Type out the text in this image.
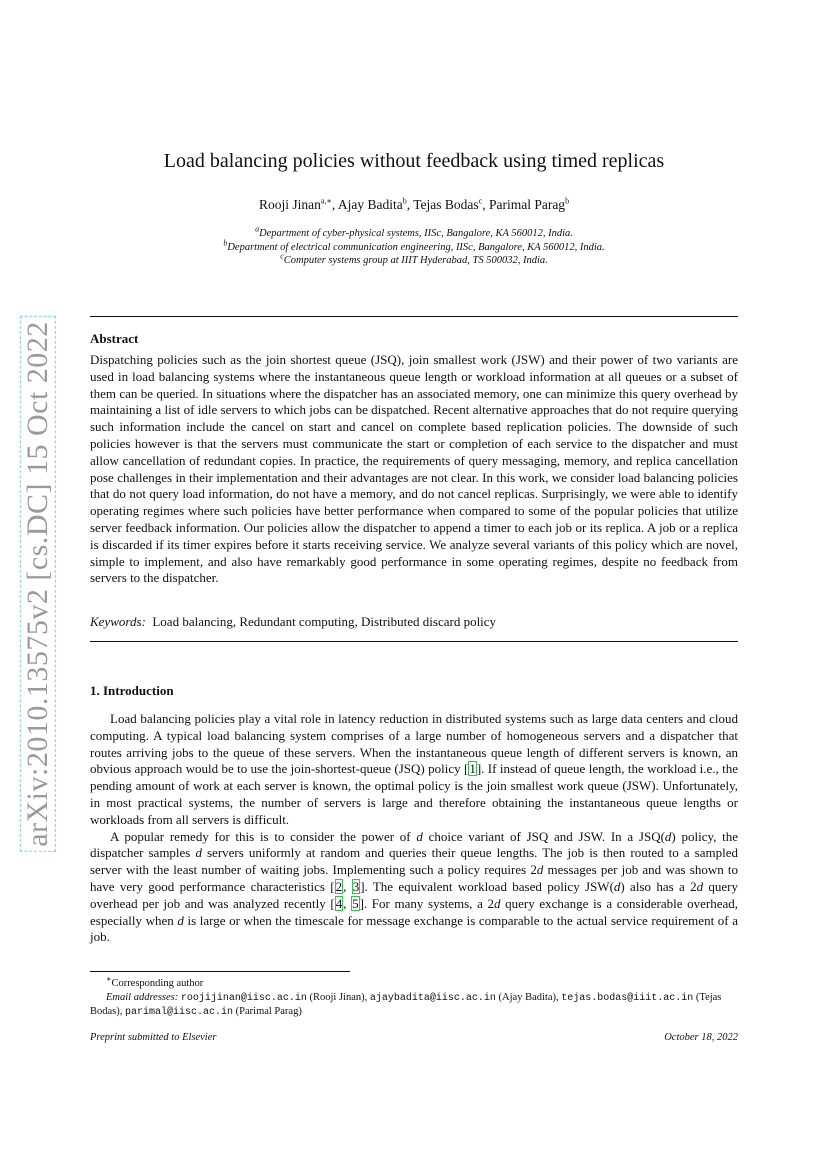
arXiv:2010.13575v2 [cs.DC] 15 Oct 2022
Load balancing policies without feedback using timed replicas
Rooji Jinan$^{a,∗}$, Ajay Badita$^b$, Tejas Bodas$^c$, Parimal Parag$^b$
$^a$Department of cyber-physical systems, IISc, Bangalore, KA 560012, India.
$^b$Department of electrical communication engineering, IISc, Bangalore, KA 560012, India.
$^c$Computer systems group at IIIT Hyderabad, TS 500032, India.
Abstract
Dispatching policies such as the join shortest queue (JSQ), join smallest work (JSW) and their power of two variants are used in load balancing systems where the instantaneous queue length or workload information at all queues or a subset of them can be queried. In situations where the dispatcher has an associated memory, one can minimize this query overhead by maintaining a list of idle servers to which jobs can be dispatched. Recent alternative approaches that do not require querying such information include the cancel on start and cancel on complete based replication policies. The downside of such policies however is that the servers must communicate the start or completion of each service to the dispatcher and must allow cancellation of redundant copies. In practice, the requirements of query messaging, memory, and replica cancellation pose challenges in their implementation and their advantages are not clear. In this work, we consider load balancing policies that do not query load information, do not have a memory, and do not cancel replicas. Surprisingly, we were able to identify operating regimes where such policies have better performance when compared to some of the popular policies that utilize server feedback information. Our policies allow the dispatcher to append a timer to each job or its replica. A job or a replica is discarded if its timer expires before it starts receiving service. We analyze several variants of this policy which are novel, simple to implement, and also have remarkably good performance in some operating regimes, despite no feedback from servers to the dispatcher.
Keywords: Load balancing, Redundant computing, Distributed discard policy
1. Introduction

Load balancing policies play a vital role in latency reduction in distributed systems such as large data centers and cloud computing. A typical load balancing system comprises of a large number of homogeneous servers and a dispatcher that routes arriving jobs to the queue of these servers. When the instantaneous queue length of different servers is known, an obvious approach would be to use the join-shortest-queue (JSQ) policy [1]. If instead of queue length, the workload i.e., the pending amount of work at each server is known, the optimal policy is the join smallest work queue (JSW). Unfortunately, in most practical systems, the number of servers is large and therefore obtaining the instantaneous queue lengths or workloads from all servers is difficult.

A popular remedy for this is to consider the power of d choice variant of JSQ and JSW. In a JSQ(d) policy, the dispatcher samples d servers uniformly at random and queries their queue lengths. The job is then routed to a sampled server with the least number of waiting jobs. Implementing such a policy requires 2d messages per job and was shown to have very good performance characteristics [2, 3]. The equivalent workload based policy JSW(d) also has a 2d query overhead per job and was analyzed recently [4, 5]. For many systems, a 2d query exchange is a considerable overhead, especially when d is large or when the timescale for message exchange is comparable to the actual service requirement of a job.

∗Corresponding author
Email addresses: roojijinan@iisc.ac.in (Rooji Jinan), ajaybadita@iisc.ac.in (Ajay Badita), tejas.bodas@iiit.ac.in (Tejas Bodas), parimal@iisc.ac.in (Parimal Parag)
Preprint submitted to Elsevier	October 18, 2022
